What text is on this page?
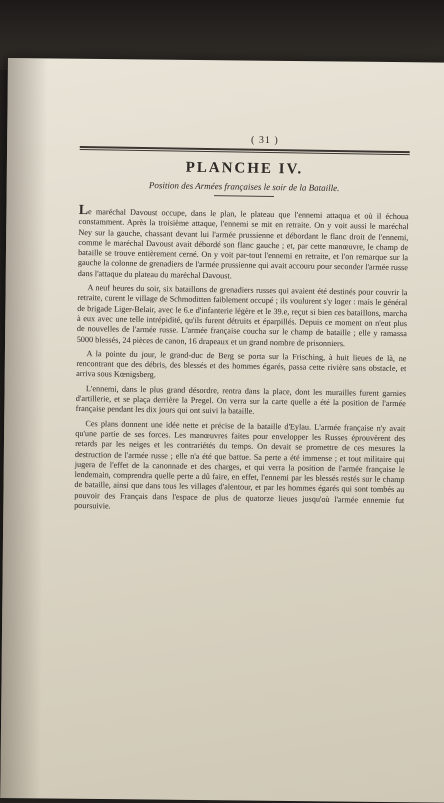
( 31 )
PLANCHE IV.
Position des Armées françaises le soir de la Bataille.

Le maréchal Davoust occupe, dans le plan, le plateau que l'ennemi attaqua et où il échoua constamment. Après la troisième attaque, l'ennemi se mit en retraite. On y voit aussi le maréchal Ney sur la gauche, chassant devant lui l'armée prussienne et débordant le flanc droit de l'ennemi, comme le maréchal Davoust avait débordé son flanc gauche ; et, par cette manœuvre, le champ de bataille se trouve entièrement cerné. On y voit par-tout l'ennemi en retraite, et l'on remarque sur la gauche la colonne de grenadiers de l'armée prussienne qui avait accouru pour seconder l'armée russe dans l'attaque du plateau du maréchal Davoust.

A neuf heures du soir, six bataillons de grenadiers russes qui avaient été destinés pour couvrir la retraite, curent le village de Schmoditten faiblement occupé ; ils voulurent s'y loger : mais le général de brigade Liger-Belair, avec le 6.e d'infanterie légère et le 39.e, reçut si bien ces bataillons, marcha à eux avec une telle intrépidité, qu'ils furent détruits et éparpillés. Depuis ce moment on n'eut plus de nouvelles de l'armée russe. L'armée française coucha sur le champ de bataille ; elle y ramassa 5000 blessés, 24 pièces de canon, 16 drapeaux et un grand nombre de prisonniers.

A la pointe du jour, le grand-duc de Berg se porta sur la Frisching, à huit lieues de là, ne rencontrant que des débris, des blessés et des hommes égarés, passa cette rivière sans obstacle, et arriva sous Kœnigsberg.

L'ennemi, dans le plus grand désordre, rentra dans la place, dont les murailles furent garnies d'artillerie, et se plaça derrière la Pregel. On verra sur la carte quelle a été la position de l'armée française pendant les dix jours qui ont suivi la bataille.

Ces plans donnent une idée nette et précise de la bataille d'Eylau. L'armée française n'y avait qu'une partie de ses forces. Les manœuvres faites pour envelopper les Russes éprouvèrent des retards par les neiges et les contrariétés du temps. On devait se promettre de ces mesures la destruction de l'armée russe ; elle n'a été que battue. Sa perte a été immense ; et tout militaire qui jugera de l'effet de la canonnade et des charges, et qui verra la position de l'armée française le lendemain, comprendra quelle perte a dû faire, en effet, l'ennemi par les blessés restés sur le champ de bataille, ainsi que dans tous les villages d'alentour, et par les hommes égarés qui sont tombés au pouvoir des Français dans l'espace de plus de quatorze lieues jusqu'où l'armée ennemie fut poursuivie.
